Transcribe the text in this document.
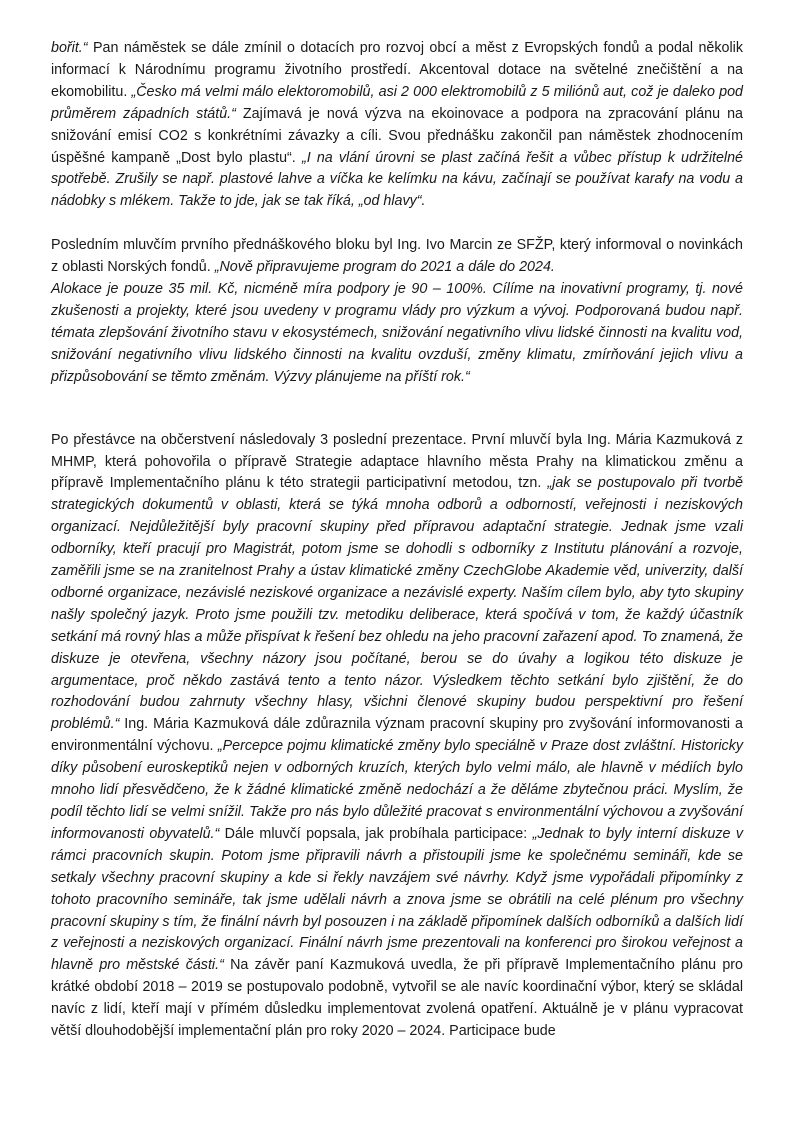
bořit.“ Pan náměstek se dále zmínil o dotacích pro rozvoj obcí a měst z Evropských fondů a podal několik informací k Národnímu programu životního prostředí. Akcentoval dotace na světelné znečištění a na ekomobilitu. „Česko má velmi málo elektoromobilů, asi 2 000 elektromobilů z 5 miliónů aut, což je daleko pod průměrem západních států.“ Zajímavá je nová výzva na ekoinovace a podpora na zpracování plánu na snižování emisí CO2 s konkrétními závazky a cíli. Svou přednášku zakončil pan náměstek zhodnocením úspěšné kampaně „Dost bylo plastu“. „I na vlání úrovni se plast začíná řešit a vůbec přístup k udržitelné spotřebě. Zrušily se např. plastové lahve a víčka ke kelímku na kávu, začínají se používat karafy na vodu a nádobky s mlékem. Takže to jde, jak se tak říká, „od hlavy“.

Posledním mluvčím prvního přednáškového bloku byl Ing. Ivo Marcin ze SFŽP, který informoval o novinkách z oblasti Norských fondů. „Nově připravujeme program do 2021 a dále do 2024.

Alokace je pouze 35 mil. Kč, nicméně míra podpory je 90 – 100%. Cílíme na inovativní programy, tj. nové zkušenosti a projekty, které jsou uvedeny v programu vlády pro výzkum a vývoj. Podporovaná budou např. témata zlepšování životního stavu v ekosystémech, snižování negativního vlivu lidské činnosti na kvalitu vod, snižování negativního vlivu lidského činnosti na kvalitu ovzduší, změny klimatu, zmírňování jejich vlivu a přizpůsobování se těmto změnám. Výzvy plánujeme na příští rok.“

Po přestávce na občerstvení následovaly 3 poslední prezentace. První mluvčí byla Ing. Mária Kazmuková z MHMP, která pohovořila o přípravě Strategie adaptace hlavního města Prahy na klimatickou změnu a přípravě Implementačního plánu k této strategii participativní metodou, tzn. „jak se postupovalo při tvorbě strategických dokumentů v oblasti, která se týká mnoha odborů a odborností, veřejnosti i neziskových organizací. Nejdůležitější byly pracovní skupiny před přípravou adaptační strategie. Jednak jsme vzali odborníky, kteří pracují pro Magistrát, potom jsme se dohodli s odborníky z Institutu plánování a rozvoje, zaměřili jsme se na zranitelnost Prahy a ústav klimatické změny CzechGlobe Akademie věd, univerzity, další odborné organizace, nezávislé neziskové organizace a nezávislé experty. Naším cílem bylo, aby tyto skupiny našly společný jazyk. Proto jsme použili tzv. metodiku deliberace, která spočívá v tom, že každý účastník setkání má rovný hlas a může přispívat k řešení bez ohledu na jeho pracovní zařazení apod. To znamená, že diskuze je otevřena, všechny názory jsou počítané, berou se do úvahy a logikou této diskuze je argumentace, proč někdo zastává tento a tento názor. Výsledkem těchto setkání bylo zjištění, že do rozhodování budou zahrnuty všechny hlasy, všichni členové skupiny budou perspektivní pro řešení problémů.“ Ing. Mária Kazmuková dále zdůraznila význam pracovní skupiny pro zvyšování informovanosti a environmentální výchovu. „Percepce pojmu klimatické změny bylo speciálně v Praze dost zvláštní. Historicky díky působení euroskeptiků nejen v odborných kruzích, kterých bylo velmi málo, ale hlavně v médiích bylo mnoho lidí přesvědčeno, že k žádné klimatické změně nedochází a že děláme zbytečnou práci. Myslím, že podíl těchto lidí se velmi snížil. Takže pro nás bylo důležité pracovat s environmentální výchovou a zvyšování informovanosti obyvatelů.“ Dále mluvčí popsala, jak probíhala participace: „Jednak to byly interní diskuze v rámci pracovních skupin. Potom jsme připravili návrh a přistoupili jsme ke společnému semináři, kde se setkaly všechny pracovní skupiny a kde si řekly navzájem své návrhy. Když jsme vypořádali připomínky z tohoto pracovního semináře, tak jsme udělali návrh a znova jsme se obrátili na celé plénum pro všechny pracovní skupiny s tím, že finální návrh byl posouzen i na základě připomínek dalších odborníků a dalších lidí z veřejnosti a neziskových organizací. Finální návrh jsme prezentovali na konferenci pro širokou veřejnost a hlavně pro městské části.“ Na závěr paní Kazmuková uvedla, že při přípravě Implementačního plánu pro krátké období 2018 – 2019 se postupovalo podobně, vytvořil se ale navíc koordinační výbor, který se skládal navíc z lidí, kteří mají v přímém důsledku implementovat zvolená opatření. Aktuálně je v plánu vypracovat větší dlouhodobější implementační plán pro roky 2020 – 2024. Participace bude
